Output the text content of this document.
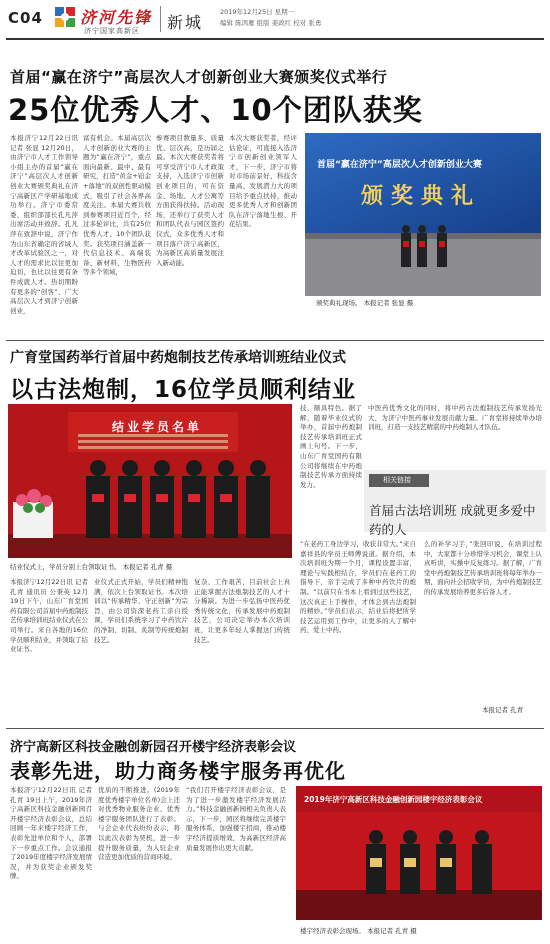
C04 济河先锋
济宁国家高新区 新城
2019年12月25日 星期一
编辑 陈鸿雁 组版 姜政红 校对 张勇
首届“赢在济宁”高层次人才创新创业大赛颁奖仪式举行
25位优秀人才、10个团队获奖
本报济宁12月22日讯 记者 张显 12月20日，由济宁市人才工作领导小组主办的首届“赢在济宁”高层次人才创新创业大赛颁奖典礼在济宁高新区产学研基地成功举行。济宁市委常委、组织部部长孔凡萍出席活动并致辞。孔凡萍在致辞中说，济宁作为山东省确定的省域人才改革试验区之一，对人才的需求比以往更加迫切，也比以往更有条件成就人才。热切期盼有更多的“创客”、广大高层次人才到济宁创新创业，
富有机会。本届高层次人才创新创业大赛的主题为“赢在济宁”，重点面向最新、最中、最有研究，打造“黄金+铂金+落地”的双创性驱动模式，吸引了社会各界高度关注。本届大赛共收到参赛项目近百个，经过多轮评比，共有25位优秀人才、10个团队获奖。获奖项目涵盖新一代信息技术、高端装备、新材料、生物医药等多个领域，
参赛项目数量多、质量优、层次高，是历届之最。本次大赛获奖者将可享受济宁市人才政策支持，入选济宁市创新创业项目的，可在资金、场地、人才公寓等方面获得扶持。活动现场，还举行了获奖人才和团队代表与园区签约仪式，众多优秀人才和项目落户济宁高新区，为高新区高质量发展注入新动能。
本次大赛获奖者，经评估论证，可直接入选济宁市创新创业领军人才，下一步，济宁市将对市场前景好、科技含量高、发展潜力大的项目给予重点扶持，推动更多优秀人才和创新团队在济宁落地生根、开花结果。
首届“赢在济宁”高层次人才创新创业大赛
颁奖典礼
颁奖典礼现场。 本报记者 张显 摄
广育堂国药举行首届中药炮制技艺传承培训班结业仪式
以古法炮制，16位学员顺利结业
结业学员名单
结业仪式上，学员分别上台领取证书。 本报记者 孔青 摄
本报济宁12月22日讯 记者 孔青 通讯员 公秉英 12月19日下午，山东广育堂国药有限公司首届中药炮制技艺传承培训班结业仪式在公司举行。来自各地的16位学员顺利结业，并领取了结业证书。
业仪式正式开始，学员们精神饱满，依次上台领取证书。本次培训以“传承精华、守正创新”为宗旨，由公司资深老药工亲自授课，学员们系统学习了中药饮片的净制、切制、炙制等传统炮制技艺。
复杂、工作艰苦，目前社会上真正能掌握古法炮制技艺的人才十分稀缺。为进一步弘扬中医药优秀传统文化，传承发展中药炮制技艺，公司决定举办本次培训班，让更多年轻人掌握这门传统技艺。
技，颇具特色。据了解，随着毕业仪式的举办，首届中药炮制技艺传承培训班正式画上句号。下一步，山东广育堂国药有限公司将继续在中药炮制技艺传承方面持续发力。
中医药优秀文化的同时，将中药古法炮制技艺传承发扬光大，为济宁中医药事业发展贡献力量。广育堂将持续举办培训班，打造一支技艺精湛的中药炮制人才队伍。
相关链接
首届古法培训班 成就更多爱中药的人
“在老药工身边学习，收获非常大。”来自嘉祥县的学员王师傅说道。据介绍，本次培训班为期一个月，课程设置丰富，理论与实践相结合，学员们在老药工的指导下，亲手完成了多种中药饮片的炮制。“以前只在书本上看到过这些技艺，这次真正上手操作，才体会到古法炮制的精妙。”学员们表示，结业后将把所学技艺运用到工作中，让更多的人了解中药、爱上中药。
么的补学习手，”张回印说，在培训过程中，大家都十分珍惜学习机会，课堂上认真听讲，实操中反复练习。据了解，广育堂中药炮制技艺传承培训班将每年举办一期，面向社会招收学员，为中药炮制技艺的传承发展培养更多后备人才。
本报记者 孔青
济宁高新区科技金融创新园召开楼宇经济表彰会议
表彰先进，助力商务楼宇服务再优化
本报济宁12月22日讯 记者 孔青 19日上午，2019年济宁高新区科技金融创新园召开楼宇经济表彰会议，总结回顾一年来楼宇经济工作，表彰先进单位和个人，部署下一步重点工作。会议通报了2019年度楼宇经济发展情况，并为获奖企业颁发奖牌。
优质的不断推进。(2019年度优秀楼宇单位名单)会上还对优秀物业服务企业、优秀楼宇服务团队进行了表彰。与会企业代表纷纷表示，将以此次表彰为契机，进一步提升服务质量，为入驻企业营造更加优质的营商环境。
“我们召开楼宇经济表彰会议，是为了进一步激发楼宇经济发展活力。”科技金融创新园相关负责人表示，下一步，园区将继续完善楼宇服务体系，加强楼宇招商，推动楼宇经济提质增效，为高新区经济高质量发展作出更大贡献。
2019年济宁高新区科技金融创新园楼宇经济表彰会议
楼宇经济表彰会现场。 本报记者 孔青 摄
